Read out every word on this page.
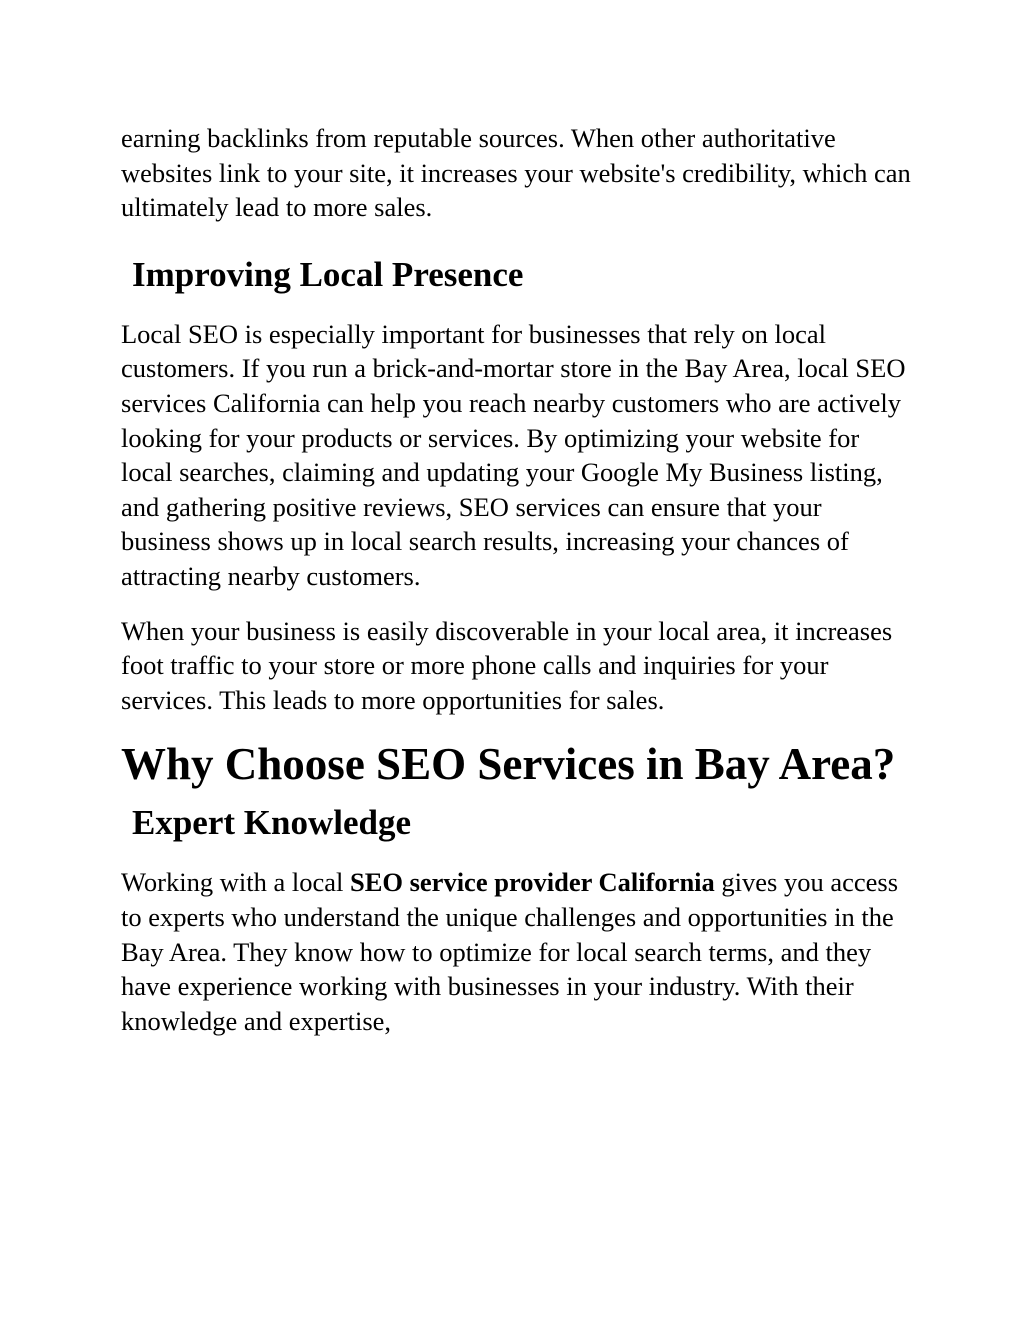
earning backlinks from reputable sources. When other authoritative websites link to your site, it increases your website's credibility, which can ultimately lead to more sales.

Improving Local Presence

Local SEO is especially important for businesses that rely on local customers. If you run a brick-and-mortar store in the Bay Area, local SEO services California can help you reach nearby customers who are actively looking for your products or services. By optimizing your website for local searches, claiming and updating your Google My Business listing, and gathering positive reviews, SEO services can ensure that your business shows up in local search results, increasing your chances of attracting nearby customers.

When your business is easily discoverable in your local area, it increases foot traffic to your store or more phone calls and inquiries for your services. This leads to more opportunities for sales.

Why Choose SEO Services in Bay Area?
Expert Knowledge

Working with a local SEO service provider California gives you access to experts who understand the unique challenges and opportunities in the Bay Area. They know how to optimize for local search terms, and they have experience working with businesses in your industry. With their knowledge and expertise,
